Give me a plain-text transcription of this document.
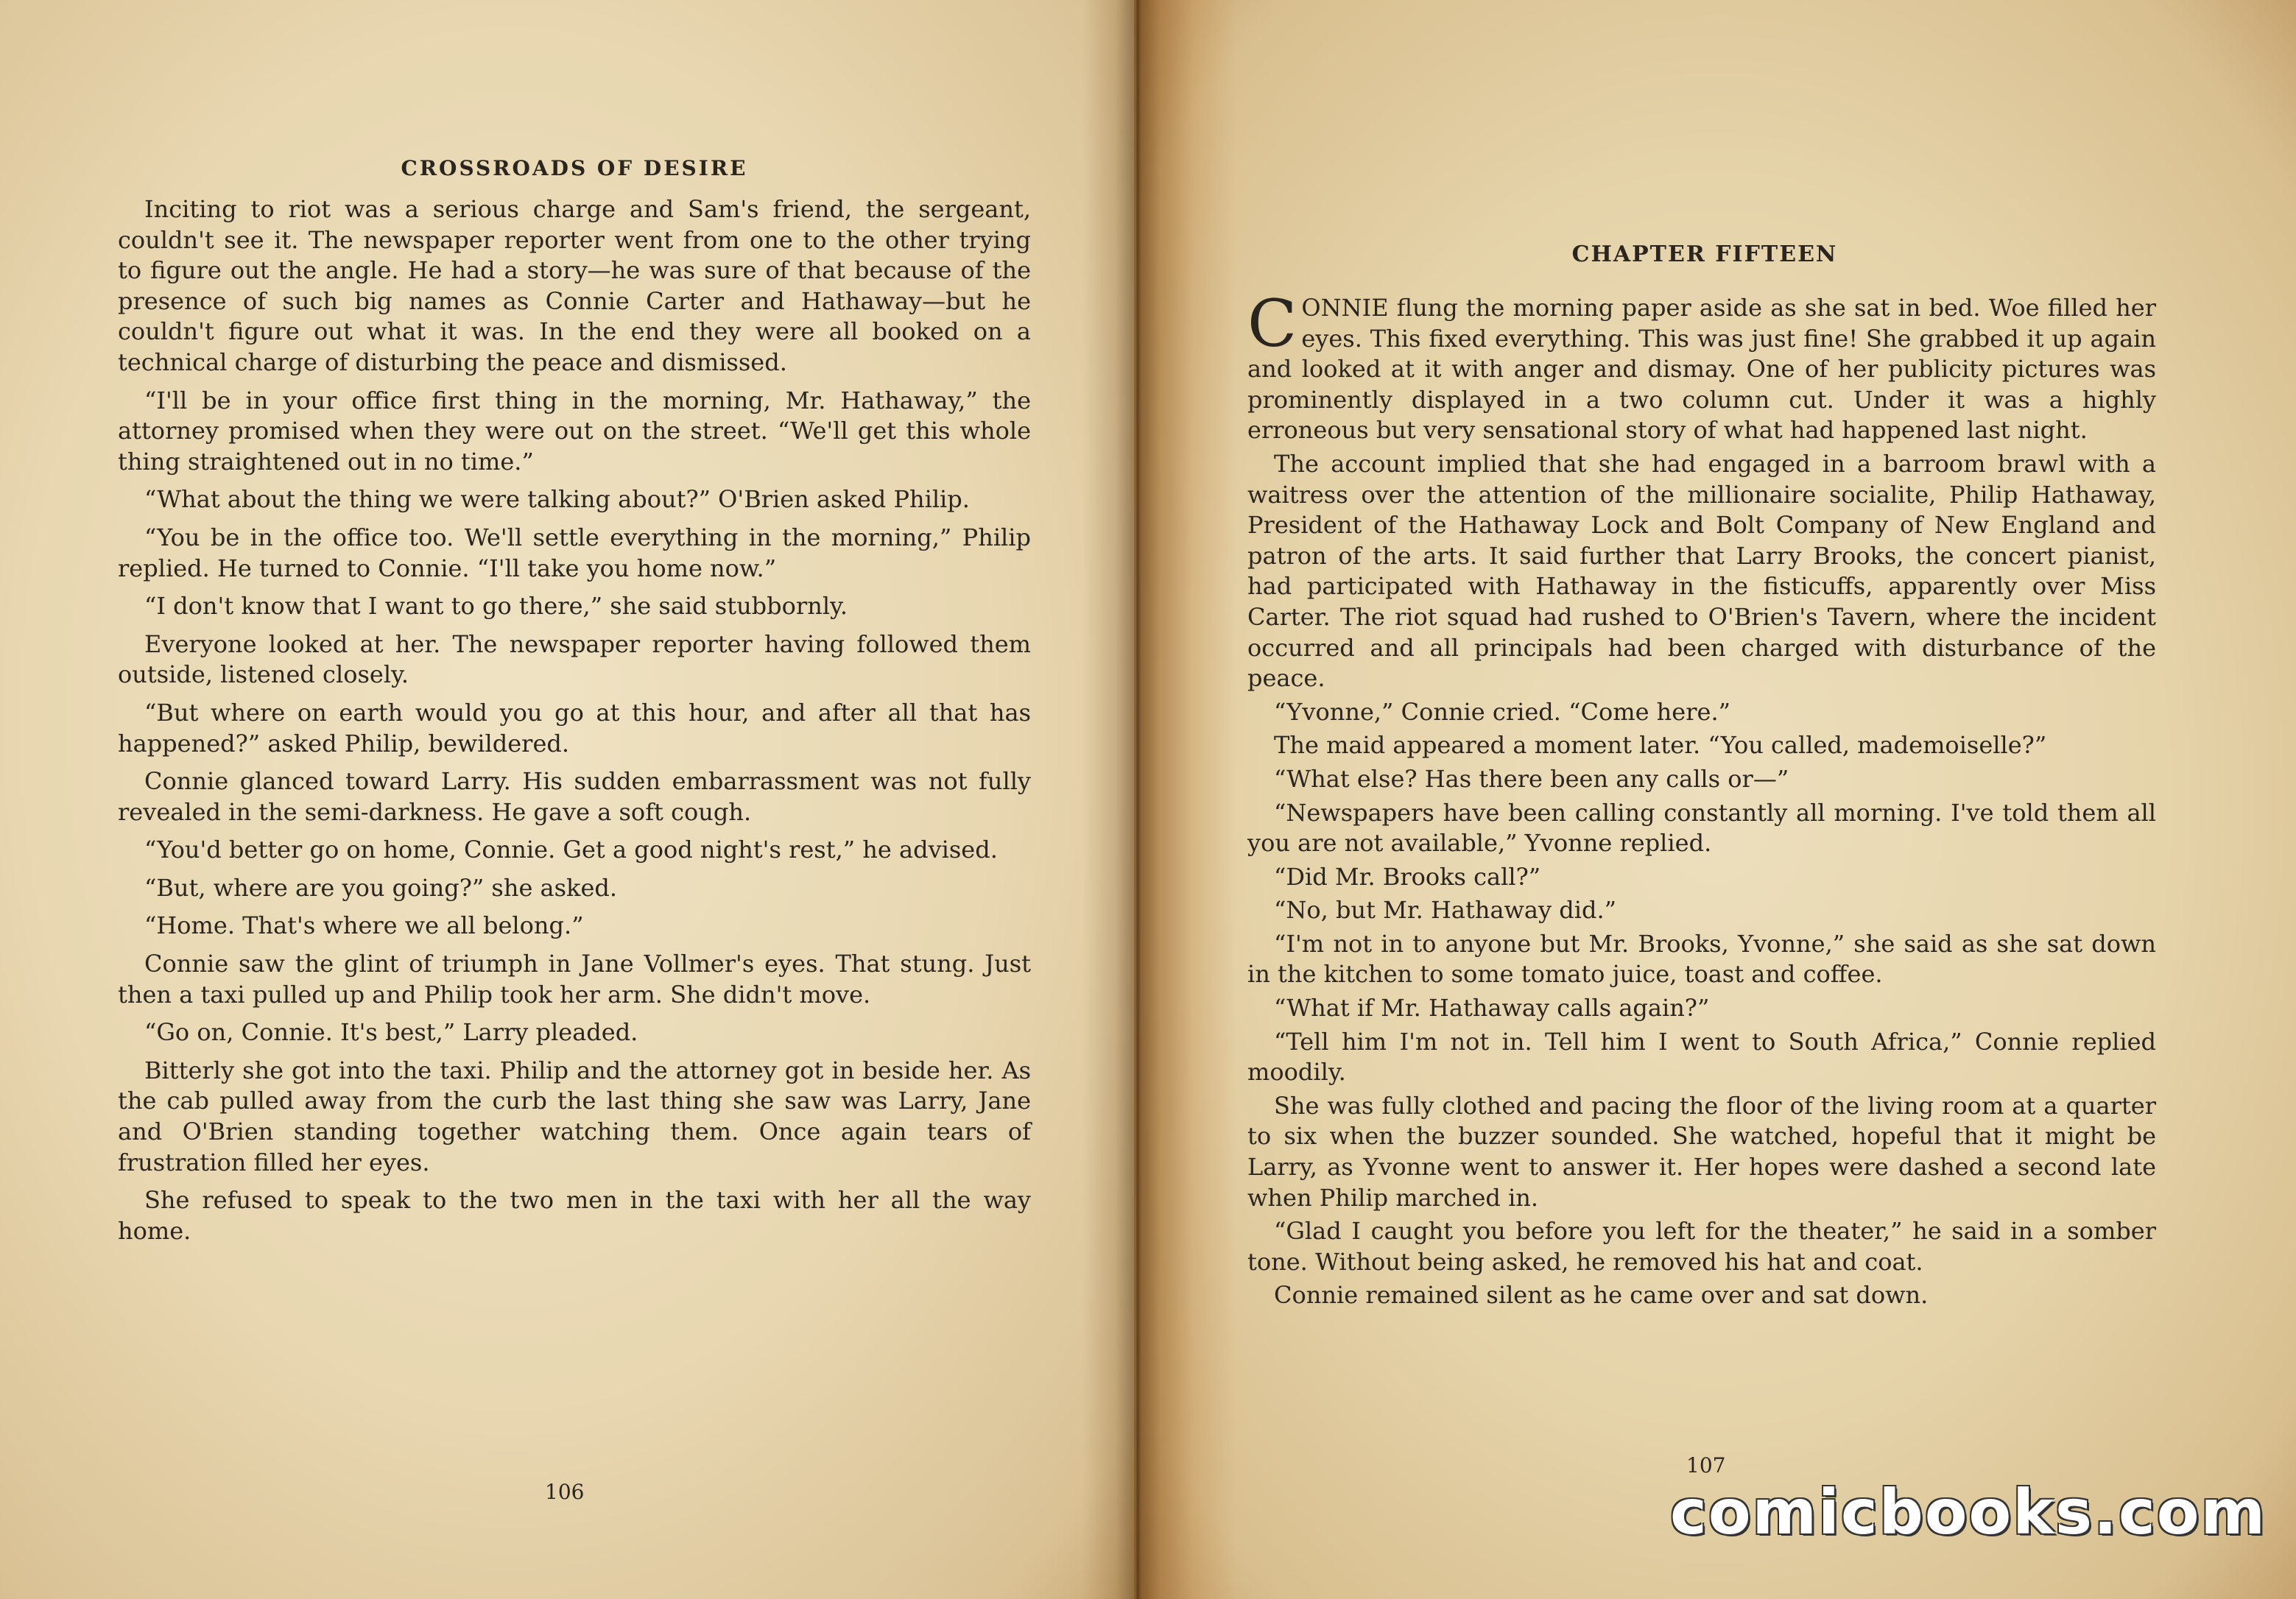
CROSSROADS OF DESIRE

Inciting to riot was a serious charge and Sam's friend, the sergeant, couldn't see it. The newspaper reporter went from one to the other trying to figure out the angle. He had a story—he was sure of that because of the presence of such big names as Connie Carter and Hathaway—but he couldn't figure out what it was. In the end they were all booked on a technical charge of disturbing the peace and dismissed.

“I'll be in your office first thing in the morning, Mr. Hathaway,” the attorney promised when they were out on the street. “We'll get this whole thing straightened out in no time.”

“What about the thing we were talking about?” O'Brien asked Philip.

“You be in the office too. We'll settle everything in the morning,” Philip replied. He turned to Connie. “I'll take you home now.”

“I don't know that I want to go there,” she said stubbornly.

Everyone looked at her. The newspaper reporter having followed them outside, listened closely.

“But where on earth would you go at this hour, and after all that has happened?” asked Philip, bewildered.

Connie glanced toward Larry. His sudden embarrassment was not fully revealed in the semi-darkness. He gave a soft cough.

“You'd better go on home, Connie. Get a good night's rest,” he advised.

“But, where are you going?” she asked.

“Home. That's where we all belong.”

Connie saw the glint of triumph in Jane Vollmer's eyes. That stung. Just then a taxi pulled up and Philip took her arm. She didn't move.

“Go on, Connie. It's best,” Larry pleaded.

Bitterly she got into the taxi. Philip and the attorney got in beside her. As the cab pulled away from the curb the last thing she saw was Larry, Jane and O'Brien standing together watching them. Once again tears of frustration filled her eyes.

She refused to speak to the two men in the taxi with her all the way home.

106
CHAPTER FIFTEEN

CONNIE flung the morning paper aside as she sat in bed. Woe filled her eyes. This fixed everything. This was just fine! She grabbed it up again and looked at it with anger and dismay. One of her publicity pictures was prominently displayed in a two column cut. Under it was a highly erroneous but very sensational story of what had happened last night.

The account implied that she had engaged in a barroom brawl with a waitress over the attention of the millionaire socialite, Philip Hathaway, President of the Hathaway Lock and Bolt Company of New England and patron of the arts. It said further that Larry Brooks, the concert pianist, had participated with Hathaway in the fisticuffs, apparently over Miss Carter. The riot squad had rushed to O'Brien's Tavern, where the incident occurred and all principals had been charged with disturbance of the peace.

“Yvonne,” Connie cried. “Come here.”

The maid appeared a moment later. “You called, mademoiselle?”

“What else? Has there been any calls or—”

“Newspapers have been calling constantly all morning. I've told them all you are not available,” Yvonne replied.

“Did Mr. Brooks call?”

“No, but Mr. Hathaway did.”

“I'm not in to anyone but Mr. Brooks, Yvonne,” she said as she sat down in the kitchen to some tomato juice, toast and coffee.

“What if Mr. Hathaway calls again?”

“Tell him I'm not in. Tell him I went to South Africa,” Connie replied moodily.

She was fully clothed and pacing the floor of the living room at a quarter to six when the buzzer sounded. She watched, hopeful that it might be Larry, as Yvonne went to answer it. Her hopes were dashed a second late when Philip marched in.

“Glad I caught you before you left for the theater,” he said in a somber tone. Without being asked, he removed his hat and coat.

Connie remained silent as he came over and sat down.

107
comicbooks.com
